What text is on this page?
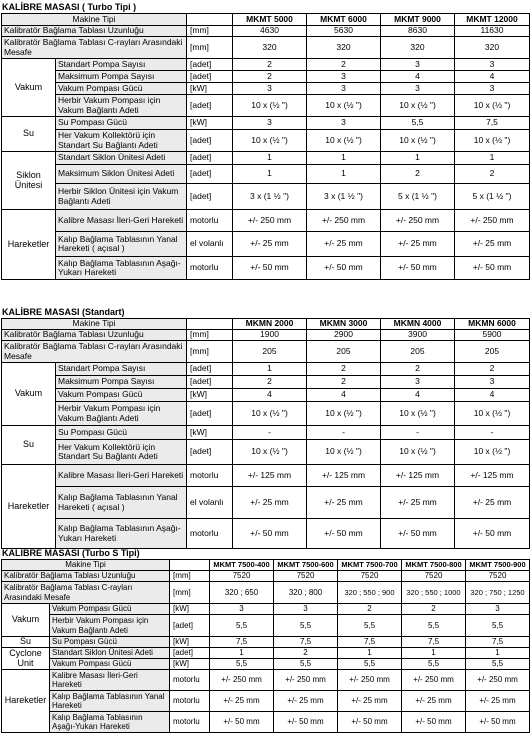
KALİBRE MASASI ( Turbo Tipi )
Makine Tipi			MKMT 5000	MKMT 6000	MKMT 9000	MKMT 12000
Kalibratör Bağlama Tablası Uzunluğu		[mm]	4630	5630	8630	11630
Kalibratör Bağlama Tablası C-rayları Arasındaki Mesafe		[mm]	320	320	320	320
Vakum	Standart Pompa Sayısı	[adet]	2	2	3	3
	Maksimum Pompa Sayısı	[adet]	2	3	4	4
	Vakum Pompası Gücü	[kW]	3	3	3	3
	Herbir Vakum Pompası için Vakum Bağlantı Adeti	[adet]	10 x (½ ")	10 x (½ ")	10 x (½ ")	10 x (½ ")
Su	Su Pompası Gücü	[kW]	3	3	5,5	7,5
	Her Vakum Kollektörü için Standart Su Bağlantı Adeti	[adet]	10 x (½ ")	10 x (½ ")	10 x (½ ")	10 x (½ ")
Siklon Ünitesi	Standart Siklon Ünitesi Adeti	[adet]	1	1	1	1
	Maksimum Siklon Ünitesi Adeti	[adet]	1	1	2	2
	Herbir Siklon Ünitesi için Vakum Bağlantı Adeti	[adet]	3 x (1 ½ ")	3 x (1 ½ ")	5 x (1 ½ ")	5 x (1 ½ ")
Hareketler	Kalibre Masası İleri-Geri Hareketi	motorlu	+/- 250 mm	+/- 250 mm	+/- 250 mm	+/- 250 mm
	Kalıp Bağlama Tablasının Yanal Hareketi ( açısal )	el volanlı	+/- 25 mm	+/- 25 mm	+/- 25 mm	+/- 25 mm
	Kalıp Bağlama Tablasının Aşağı-Yukarı Hareketi	motorlu	+/- 50 mm	+/- 50 mm	+/- 50 mm	+/- 50 mm
KALİBRE MASASI (Standart)
Makine Tipi			MKMN 2000	MKMN 3000	MKMN 4000	MKMN 6000
Kalibratör Bağlama Tablası Uzunluğu		[mm]	1900	2900	3900	5900
Kalibratör Bağlama Tablası C-rayları Arasındaki Mesafe		[mm]	205	205	205	205
Vakum	Standart Pompa Sayısı	[adet]	1	2	2	2
	Maksimum Pompa Sayısı	[adet]	2	2	3	3
	Vakum Pompası Gücü	[kW]	4	4	4	4
	Herbir Vakum Pompası için Vakum Bağlantı Adeti	[adet]	10 x (½ ")	10 x (½ ")	10 x (½ ")	10 x (½ ")
Su	Su Pompası Gücü	[kW]	-	-	-	-
	Her Vakum Kollektörü için Standart Su Bağlantı Adeti	[adet]	10 x (½ ")	10 x (½ ")	10 x (½ ")	10 x (½ ")
Hareketler	Kalibre Masası İleri-Geri Hareketi	motorlu	+/- 125 mm	+/- 125 mm	+/- 125 mm	+/- 125 mm
	Kalıp Bağlama Tablasının Yanal Hareketi ( açısal )	el volanlı	+/- 25 mm	+/- 25 mm	+/- 25 mm	+/- 25 mm
	Kalıp Bağlama Tablasının Aşağı-Yukarı Hareketi	motorlu	+/- 50 mm	+/- 50 mm	+/- 50 mm	+/- 50 mm
KALİBRE MASASI (Turbo S Tipi)
Makine Tipi			MKMT 7500-400	MKMT 7500-600	MKMT 7500-700	MKMT 7500-800	MKMT 7500-900
Kalibratör Bağlama Tablası Uzunluğu		[mm]	7520	7520	7520	7520	7520
Kalibratör Bağlama Tablası C-rayları Arasındaki Mesafe		[mm]	320 ; 650	320 ; 800	320 ; 550 ; 900	320 ; 550 ; 1000	320 ; 750 ; 1250
Vakum	Vakum Pompası Gücü	[kW]	3	3	2	2	3
	Herbir Vakum Pompası için Vakum Bağlantı Adeti	[adet]	5,5	5,5	5,5	5,5	5,5
Su	Su Pompası Gücü	[kW]	7,5	7,5	7,5	7,5	7,5
Cyclone Unit	Standart Siklon Ünitesi Adeti	[adet]	1	2	1	1	1
	Vakum Pompası Gücü	[kW]	5,5	5,5	5,5	5,5	5,5
Hareketler	Kalibre Masası İleri-Geri Hareketi	motorlu	+/- 250 mm	+/- 250 mm	+/- 250 mm	+/- 250 mm	+/- 250 mm
	Kalıp Bağlama Tablasının Yanal Hareketi	motorlu	+/- 25 mm	+/- 25 mm	+/- 25 mm	+/- 25 mm	+/- 25 mm
	Kalıp Bağlama Tablasının Aşağı-Yukarı Hareketi	motorlu	+/- 50 mm	+/- 50 mm	+/- 50 mm	+/- 50 mm	+/- 50 mm
